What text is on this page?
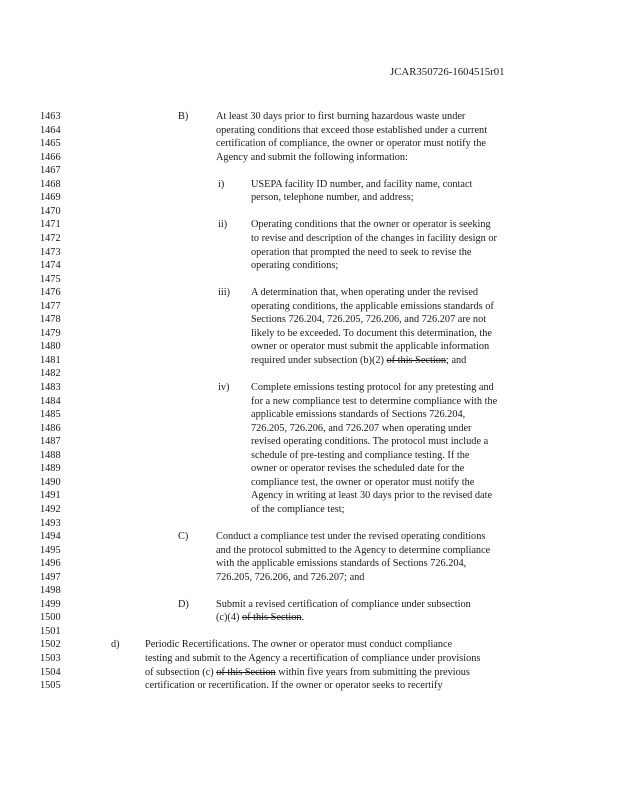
JCAR350726-1604515r01
1463	B)	At least 30 days prior to first burning hazardous waste under
1464	operating conditions that exceed those established under a current
1465	certification of compliance, the owner or operator must notify the
1466	Agency and submit the following information:
1467
1468	i)	USEPA facility ID number, and facility name, contact
1469	person, telephone number, and address;
1470
1471	ii) Operating conditions that the owner or operator is seeking
1472	to revise and description of the changes in facility design or
1473	operation that prompted the need to seek to revise the
1474	operating conditions;
1475
1476	iii) A determination that, when operating under the revised
1477	operating conditions, the applicable emissions standards of
1478	Sections 726.204, 726.205, 726.206, and 726.207 are not
1479	likely to be exceeded. To document this determination, the
1480	owner or operator must submit the applicable information
1481	required under subsection (b)(2) of this Section; and
1482
1483	iv) Complete emissions testing protocol for any pretesting and
1484	for a new compliance test to determine compliance with the
1485	applicable emissions standards of Sections 726.204,
1486	726.205, 726.206, and 726.207 when operating under
1487	revised operating conditions. The protocol must include a
1488	schedule of pre-testing and compliance testing. If the
1489	owner or operator revises the scheduled date for the
1490	compliance test, the owner or operator must notify the
1491	Agency in writing at least 30 days prior to the revised date
1492	of the compliance test;
1493
1494	C)	Conduct a compliance test under the revised operating conditions
1495	and the protocol submitted to the Agency to determine compliance
1496	with the applicable emissions standards of Sections 726.204,
1497	726.205, 726.206, and 726.207; and
1498
1499	D)	Submit a revised certification of compliance under subsection
1500	(c)(4) of this Section.
1501
1502	d) Periodic Recertifications. The owner or operator must conduct compliance
1503	testing and submit to the Agency a recertification of compliance under provisions
1504	of subsection (c) of this Section within five years from submitting the previous
1505	certification or recertification. If the owner or operator seeks to recertify
